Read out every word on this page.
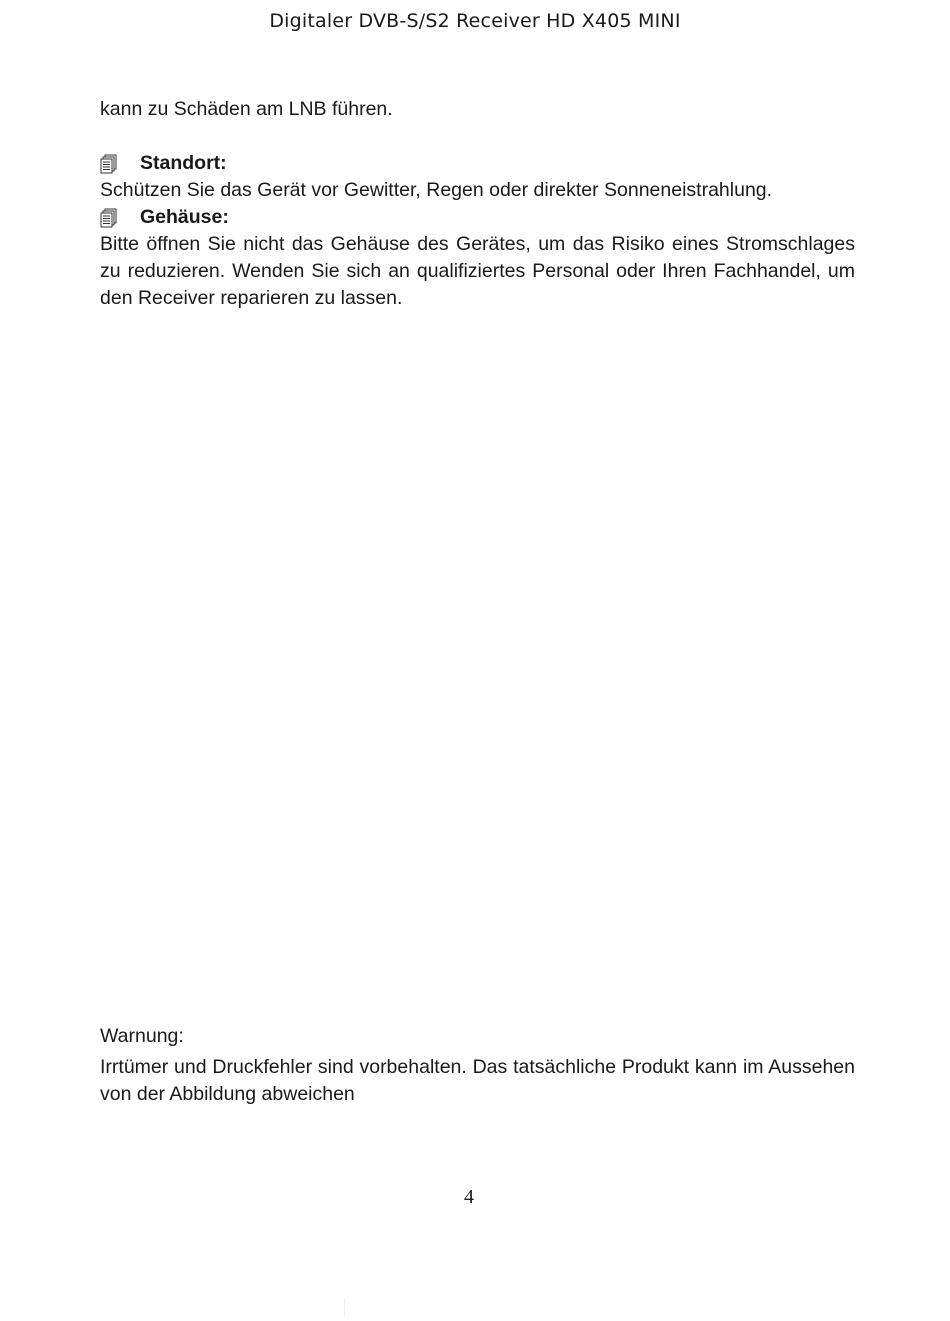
Digitaler DVB-S/S2 Receiver HD X405 MINI
kann zu Schäden am LNB führen.
Standort:
Schützen Sie das Gerät vor Gewitter, Regen oder direkter Sonneneistrahlung.
Gehäuse:
Bitte öffnen Sie nicht das Gehäuse des Gerätes, um das Risiko eines Stromschlages zu reduzieren. Wenden Sie sich an qualifiziertes Personal oder Ihren Fachhandel, um den Receiver reparieren zu lassen.
Warnung:
Irrtümer und Druckfehler sind vorbehalten. Das tatsächliche Produkt kann im Aussehen von der Abbildung abweichen
4
